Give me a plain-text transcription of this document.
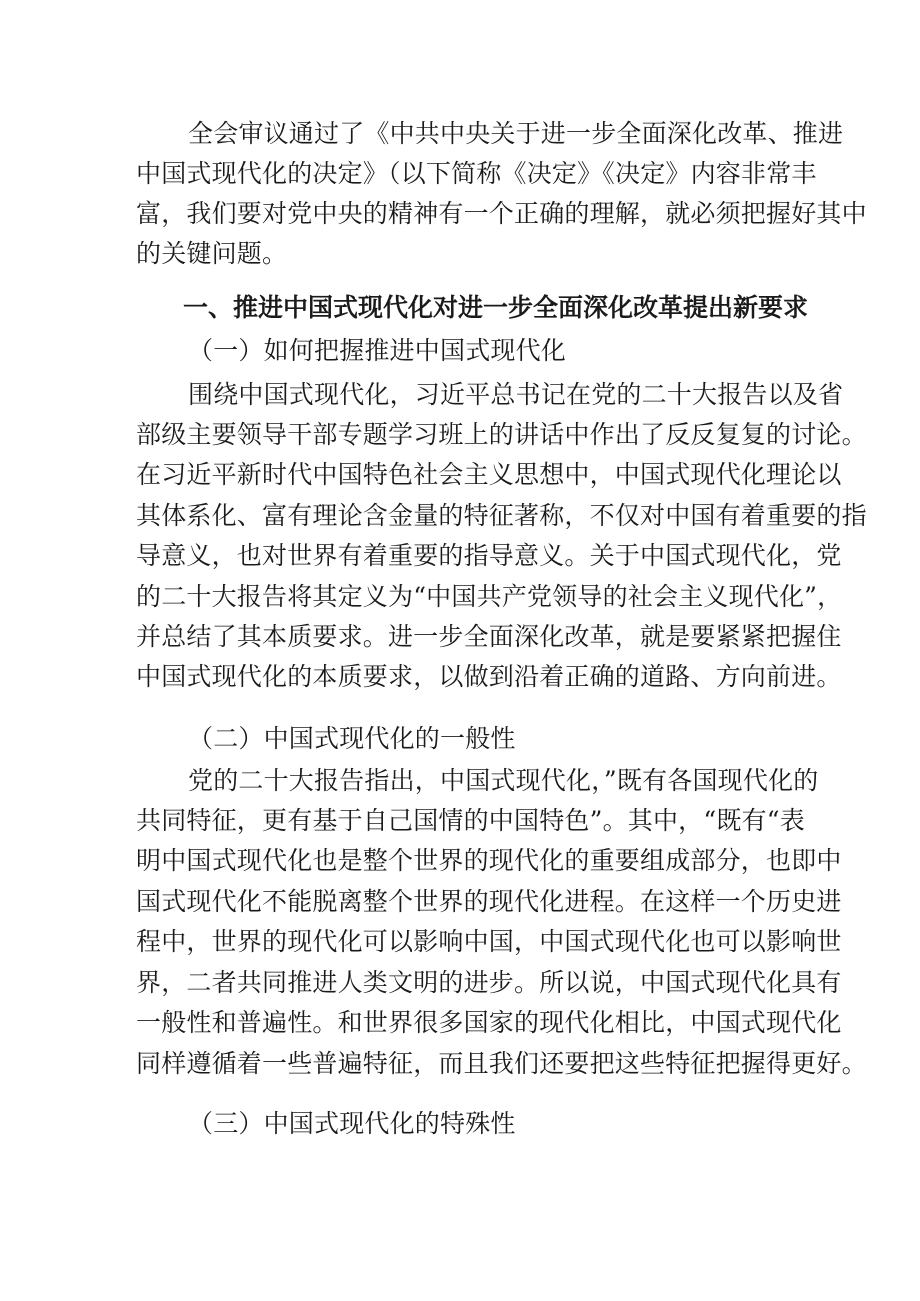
全会审议通过了《中共中央关于进一步全面深化改革、推进
中国式现代化的决定》（以下简称《决定》《决定》内容非常丰
富，我们要对党中央的精神有一个正确的理解，就必须把握好其中
的关键问题。
一、推进中国式现代化对进一步全面深化改革提出新要求
（一）如何把握推进中国式现代化
围绕中国式现代化，习近平总书记在党的二十大报告以及省
部级主要领导干部专题学习班上的讲话中作出了反反复复的讨论。
在习近平新时代中国特色社会主义思想中，中国式现代化理论以
其体系化、富有理论含金量的特征著称，不仅对中国有着重要的指
导意义，也对世界有着重要的指导意义。关于中国式现代化，党
的二十大报告将其定义为“中国共产党领导的社会主义现代化”，
并总结了其本质要求。进一步全面深化改革，就是要紧紧把握住
中国式现代化的本质要求，以做到沿着正确的道路、方向前进。
（二）中国式现代化的一般性
党的二十大报告指出，中国式现代化，”既有各国现代化的
共同特征，更有基于自己国情的中国特色”。其中，“既有“表
明中国式现代化也是整个世界的现代化的重要组成部分，也即中
国式现代化不能脱离整个世界的现代化进程。在这样一个历史进
程中，世界的现代化可以影响中国，中国式现代化也可以影响世
界，二者共同推进人类文明的进步。所以说，中国式现代化具有
一般性和普遍性。和世界很多国家的现代化相比，中国式现代化
同样遵循着一些普遍特征，而且我们还要把这些特征把握得更好。
（三）中国式现代化的特殊性
